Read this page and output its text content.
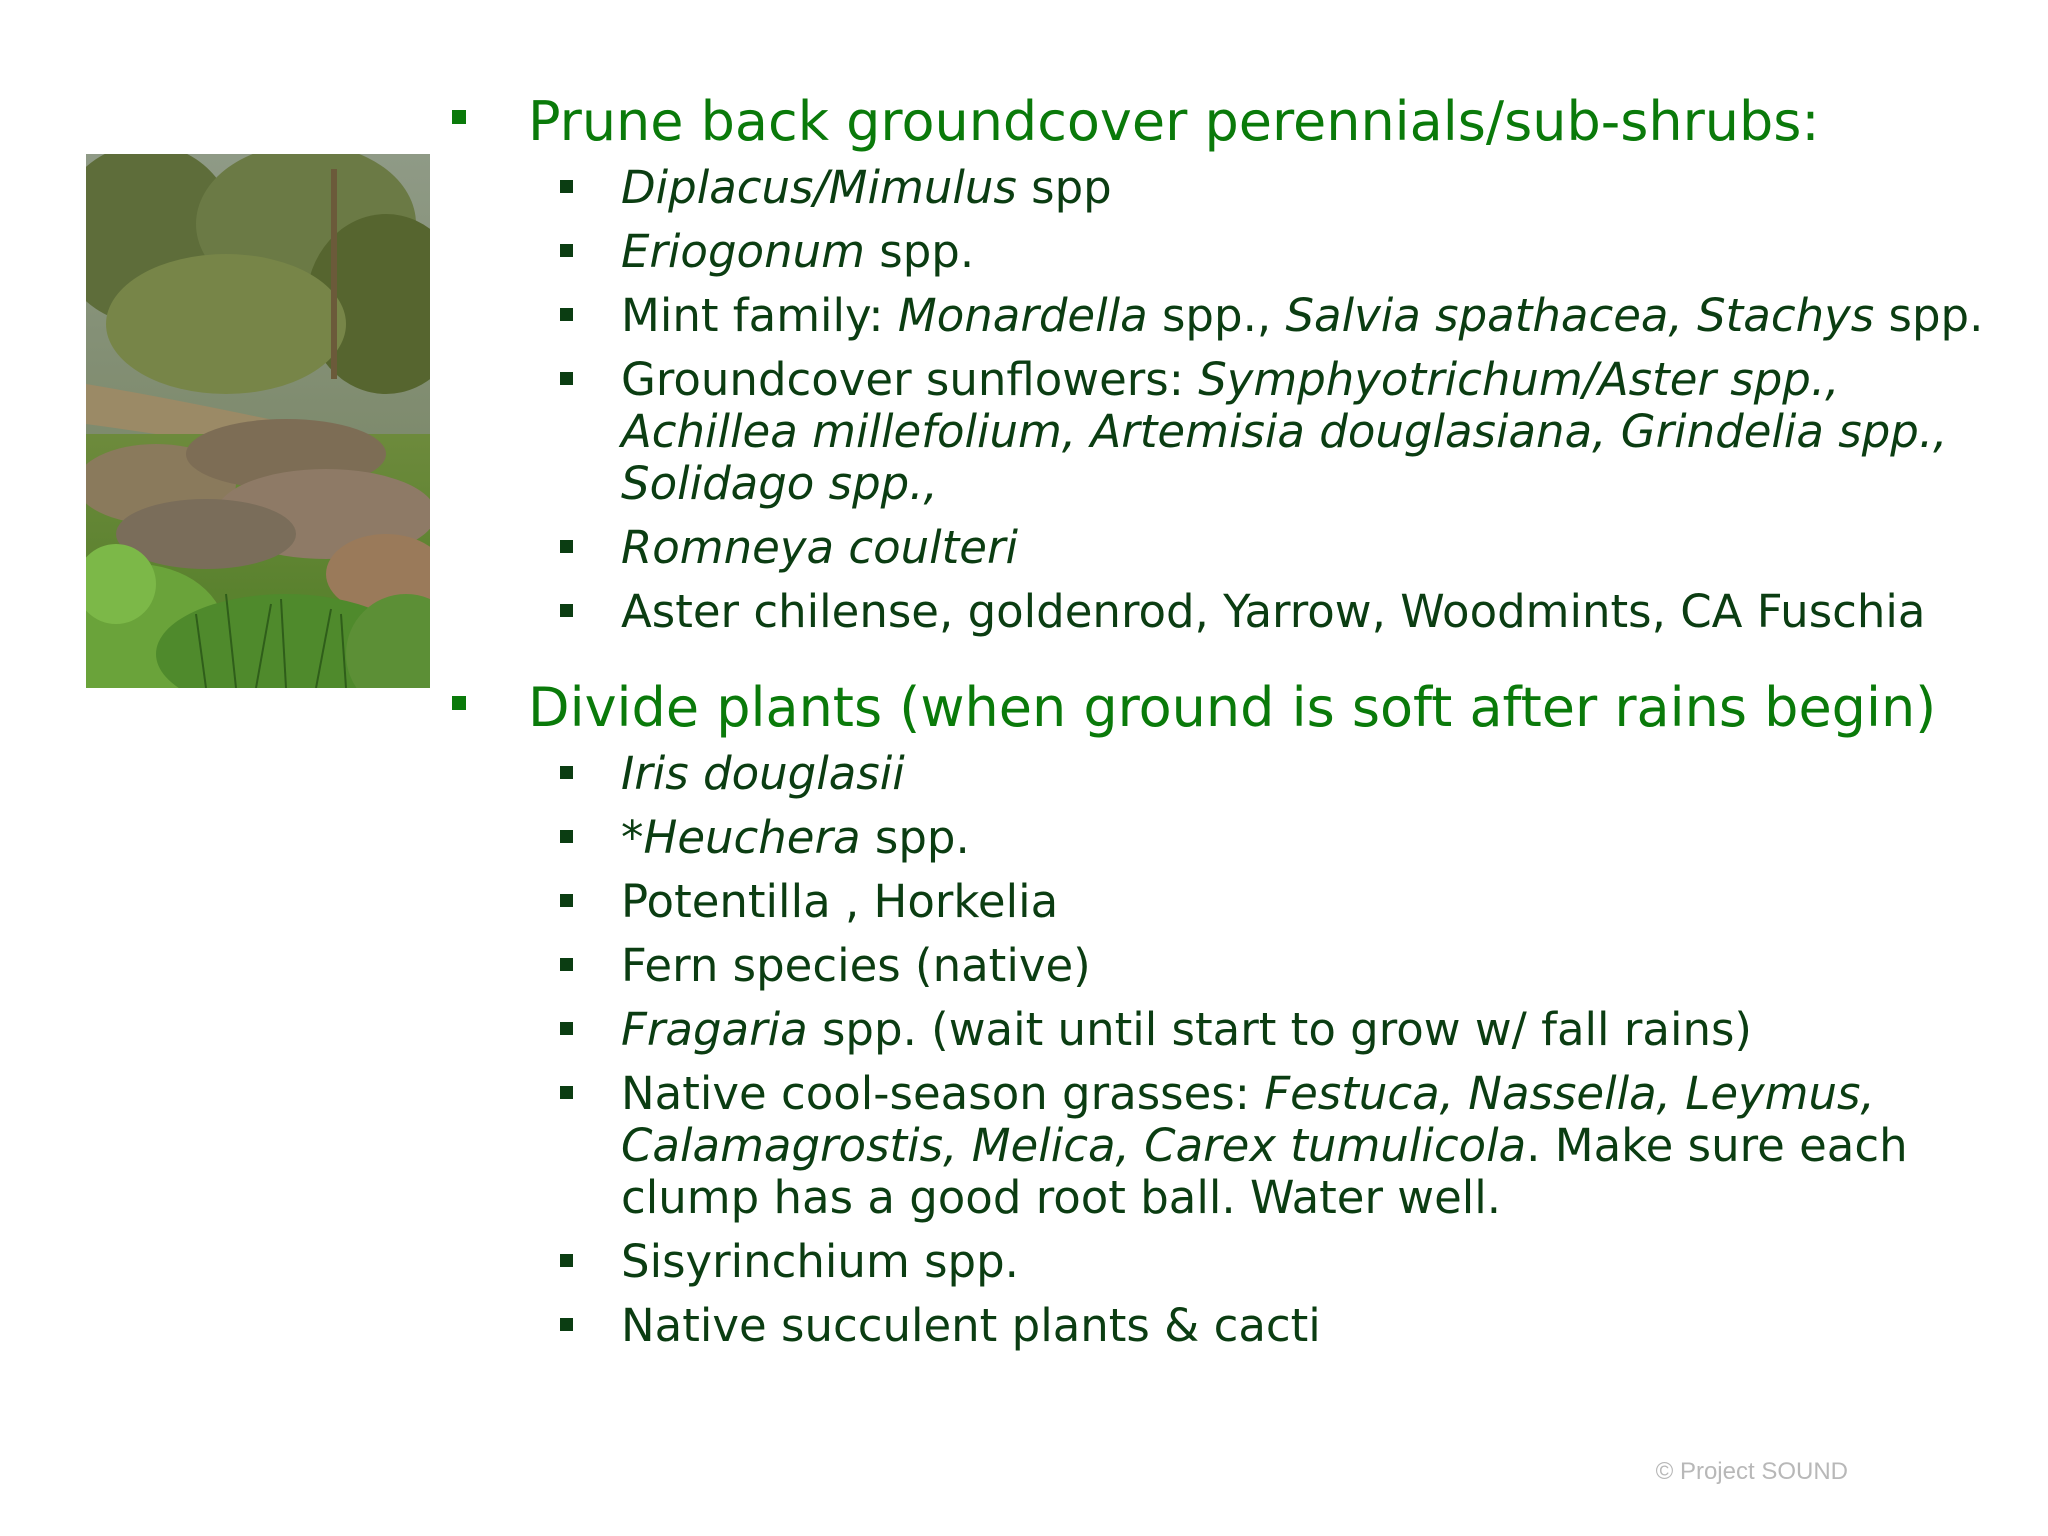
Prune back groundcover perennials/sub-shrubs:
Diplacus/Mimulus spp
Eriogonum spp.
Mint family: Monardella spp., Salvia spathacea, Stachys spp.
Groundcover sunflowers: Symphyotrichum/Aster spp., Achillea millefolium, Artemisia douglasiana, Grindelia spp., Solidago spp.,
Romneya coulteri
Aster chilense, goldenrod, Yarrow, Woodmints, CA Fuschia
Divide plants (when ground is soft after rains begin)
Iris douglasii
*Heuchera spp.
Potentilla , Horkelia
Fern species (native)
Fragaria spp. (wait until start to grow w/ fall rains)
Native cool-season grasses: Festuca, Nassella, Leymus, Calamagrostis, Melica, Carex tumulicola. Make sure each clump has a good root ball. Water well.
Sisyrinchium spp.
Native succulent plants & cacti
© Project SOUND
